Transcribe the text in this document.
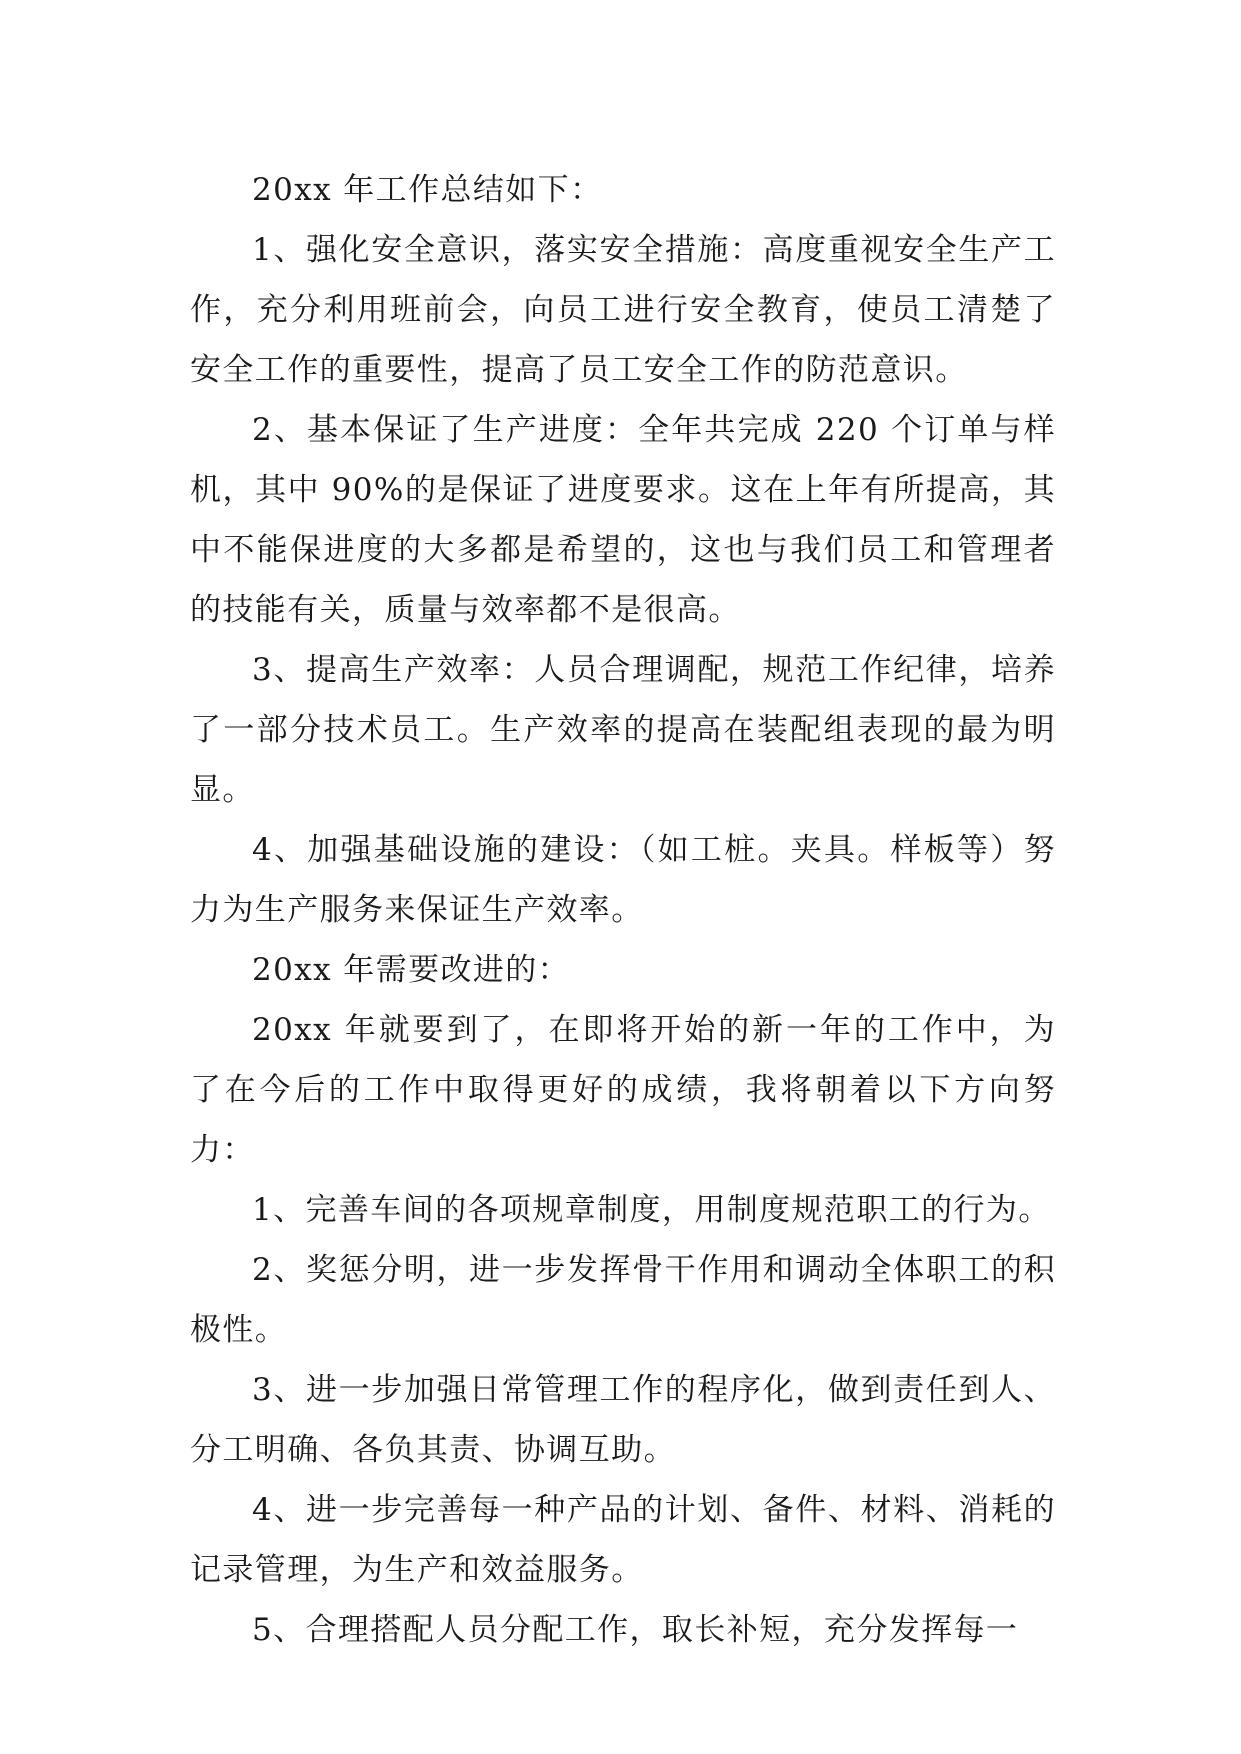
20xx 年工作总结如下：

1、强化安全意识，落实安全措施：高度重视安全生产工作，充分利用班前会，向员工进行安全教育，使员工清楚了安全工作的重要性，提高了员工安全工作的防范意识。

2、基本保证了生产进度：全年共完成 220 个订单与样机，其中 90%的是保证了进度要求。这在上年有所提高，其中不能保进度的大多都是希望的，这也与我们员工和管理者的技能有关，质量与效率都不是很高。

3、提高生产效率：人员合理调配，规范工作纪律，培养了一部分技术员工。生产效率的提高在装配组表现的最为明显。

4、加强基础设施的建设：（如工桩。夹具。样板等）努力为生产服务来保证生产效率。

20xx 年需要改进的：

20xx 年就要到了，在即将开始的新一年的工作中，为了在今后的工作中取得更好的成绩，我将朝着以下方向努力：

1、完善车间的各项规章制度，用制度规范职工的行为。

2、奖惩分明，进一步发挥骨干作用和调动全体职工的积极性。

3、进一步加强日常管理工作的程序化，做到责任到人、分工明确、各负其责、协调互助。

4、进一步完善每一种产品的计划、备件、材料、消耗的记录管理，为生产和效益服务。

5、合理搭配人员分配工作，取长补短，充分发挥每一
